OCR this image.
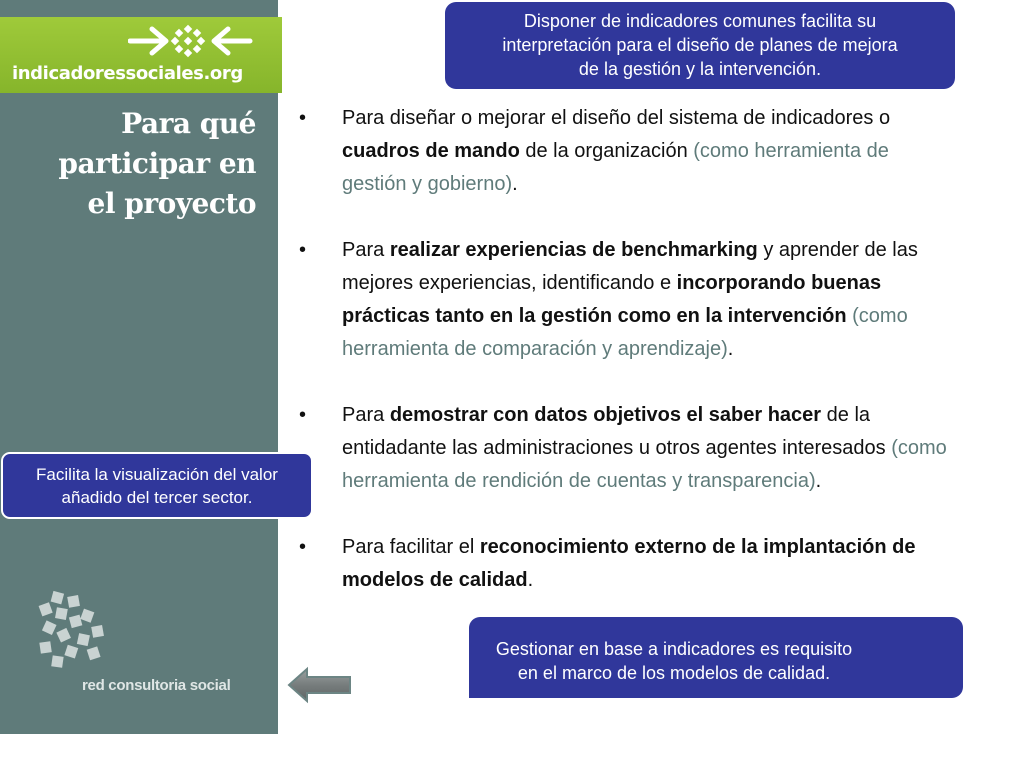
indicadoressociales.org
Para qué
participar en
el proyecto
red consultoria social
Facilita la visualización del valor
añadido del tercer sector.
Disponer de indicadores comunes facilita su
interpretación para el diseño de planes de mejora
de la gestión y la intervención.
• Para diseñar o mejorar el diseño del sistema de indicadores o cuadros de mando de la organización (como herramienta de gestión y gobierno).
• Para realizar experiencias de benchmarking y aprender de las mejores experiencias, identificando e incorporando buenas prácticas tanto en la gestión como en la intervención (como herramienta de comparación y aprendizaje).
• Para demostrar con datos objetivos el saber hacer de la entidadante las administraciones u otros agentes interesados (como herramienta de rendición de cuentas y transparencia).
• Para facilitar el reconocimiento externo de la implantación de modelos de calidad.
Gestionar en base a indicadores es requisito
en el marco de los modelos de calidad.
